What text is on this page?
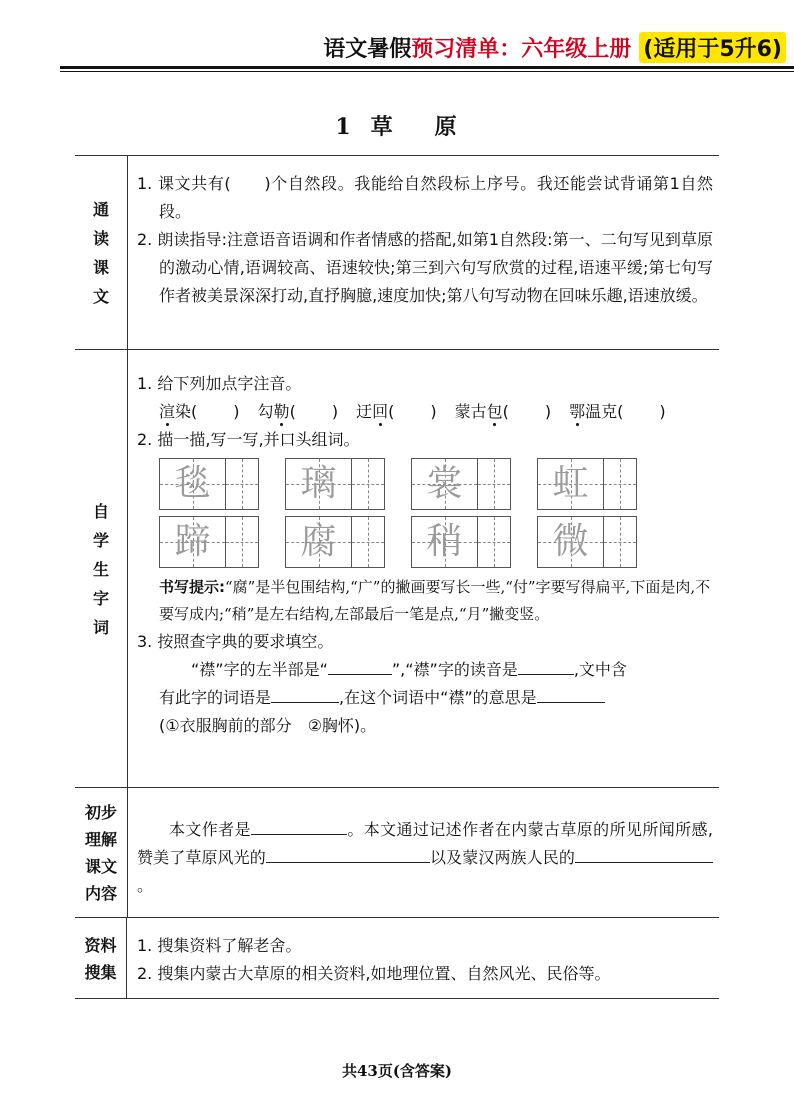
语文暑假 预习清单：六年级上册 (适用于5升6)
1 草 原
通
读
课
文

1. 课文共有(　　)个自然段。我能给自然段标上序号。我还能尝试背诵第1自然段。

2. 朗读指导:注意语音语调和作者情感的搭配,如第1自然段:第一、二句写见到草原的激动心情,语调较高、语速较快;第三到六句写欣赏的过程,语速平缓;第七句写作者被美景深深打动,直抒胸臆,速度加快;第八句写动物在回味乐趣,语速放缓。

自
学
生
字
词

1. 给下列加点字注音。

渲染( ) 勾勒( ) 迂回( ) 蒙古包( ) 鄂温克( )

2. 描一描,写一写,并口头组词。

毯	璃	裳	虹
蹄	腐	稍	微

书写提示:“腐”是半包围结构,“广”的撇画要写长一些,“付”字要写得扁平,下面是肉,不要写成内;“稍”是左右结构,左部最后一笔是点,“月”撇变竖。

3. 按照查字典的要求填空。

“襟”字的左半部是“	”,“襟”字的读音是	,文中含

有此字的词语是	,在这个词语中“襟”的意思是

(①衣服胸前的部分　②胸怀)。

初步
理解
课文
内容

本文作者是	。本文通过记述作者在内蒙古草原的所见所闻所感,赞美了草原风光的	以及蒙汉两族人民的。

资料
搜集

1. 搜集资料了解老舍。

2. 搜集内蒙古大草原的相关资料,如地理位置、自然风光、民俗等。

共43页(含答案)
